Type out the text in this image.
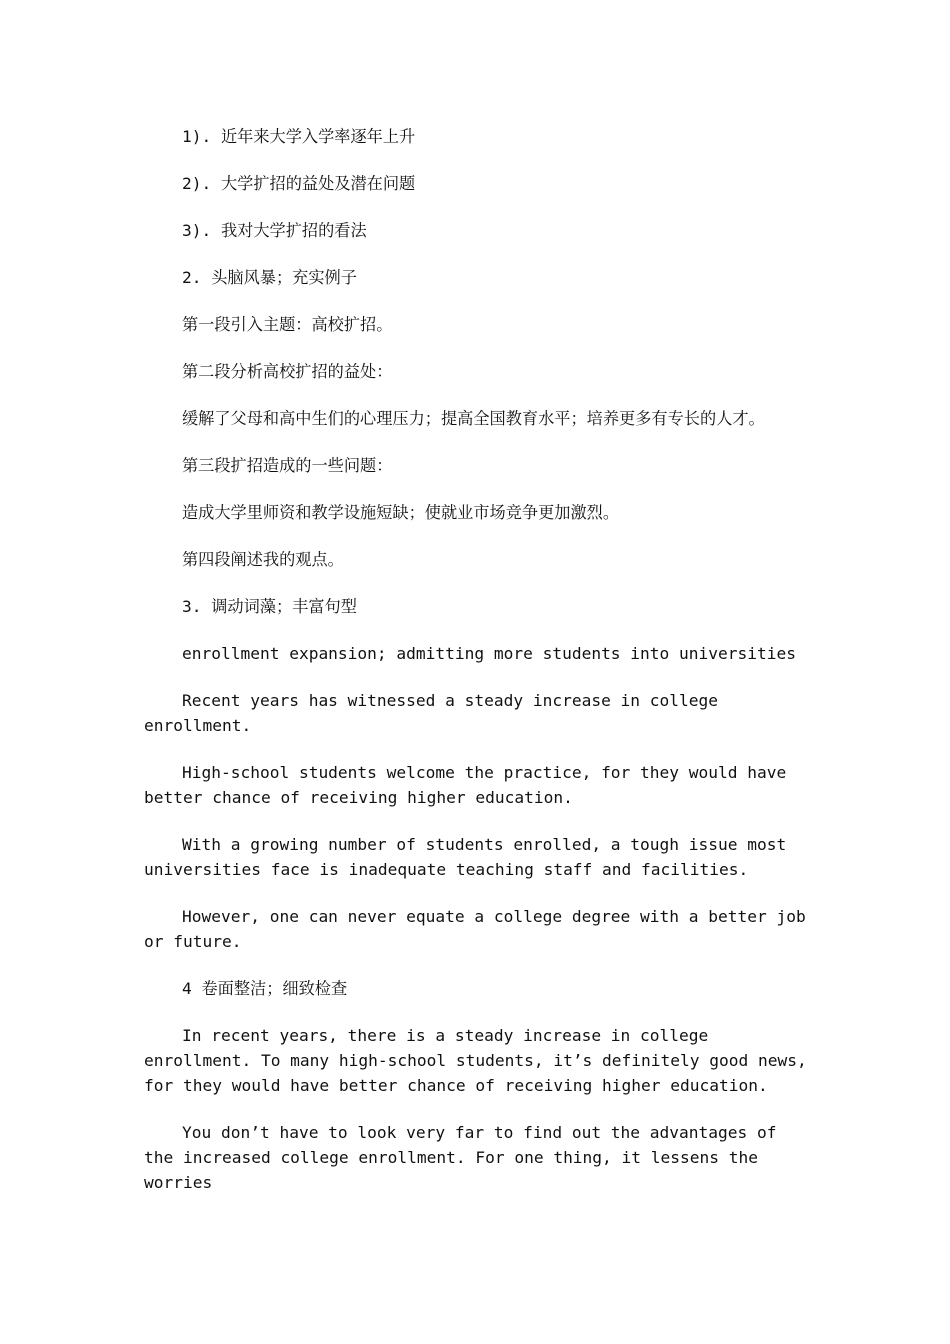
1). 近年来大学入学率逐年上升

2). 大学扩招的益处及潜在问题

3). 我对大学扩招的看法

2. 头脑风暴；充实例子

第一段引入主题：高校扩招。

第二段分析高校扩招的益处：

缓解了父母和高中生们的心理压力；提高全国教育水平；培养更多有专长的人才。

第三段扩招造成的一些问题：

造成大学里师资和教学设施短缺；使就业市场竞争更加激烈。

第四段阐述我的观点。

3. 调动词藻；丰富句型

enrollment expansion; admitting more students into universities

Recent years has witnessed a steady increase in college enrollment.

High-school students welcome the practice, for they would have better chance of receiving higher education.

With a growing number of students enrolled, a tough issue most universities face is inadequate teaching staff and facilities.

However, one can never equate a college degree with a better job or future.

4 卷面整洁；细致检查

In recent years, there is a steady increase in college enrollment. To many high-school students, it’s definitely good news, for they would have better chance of receiving higher education.

You don’t have to look very far to find out the advantages of the increased college enrollment. For one thing, it lessens the worries
